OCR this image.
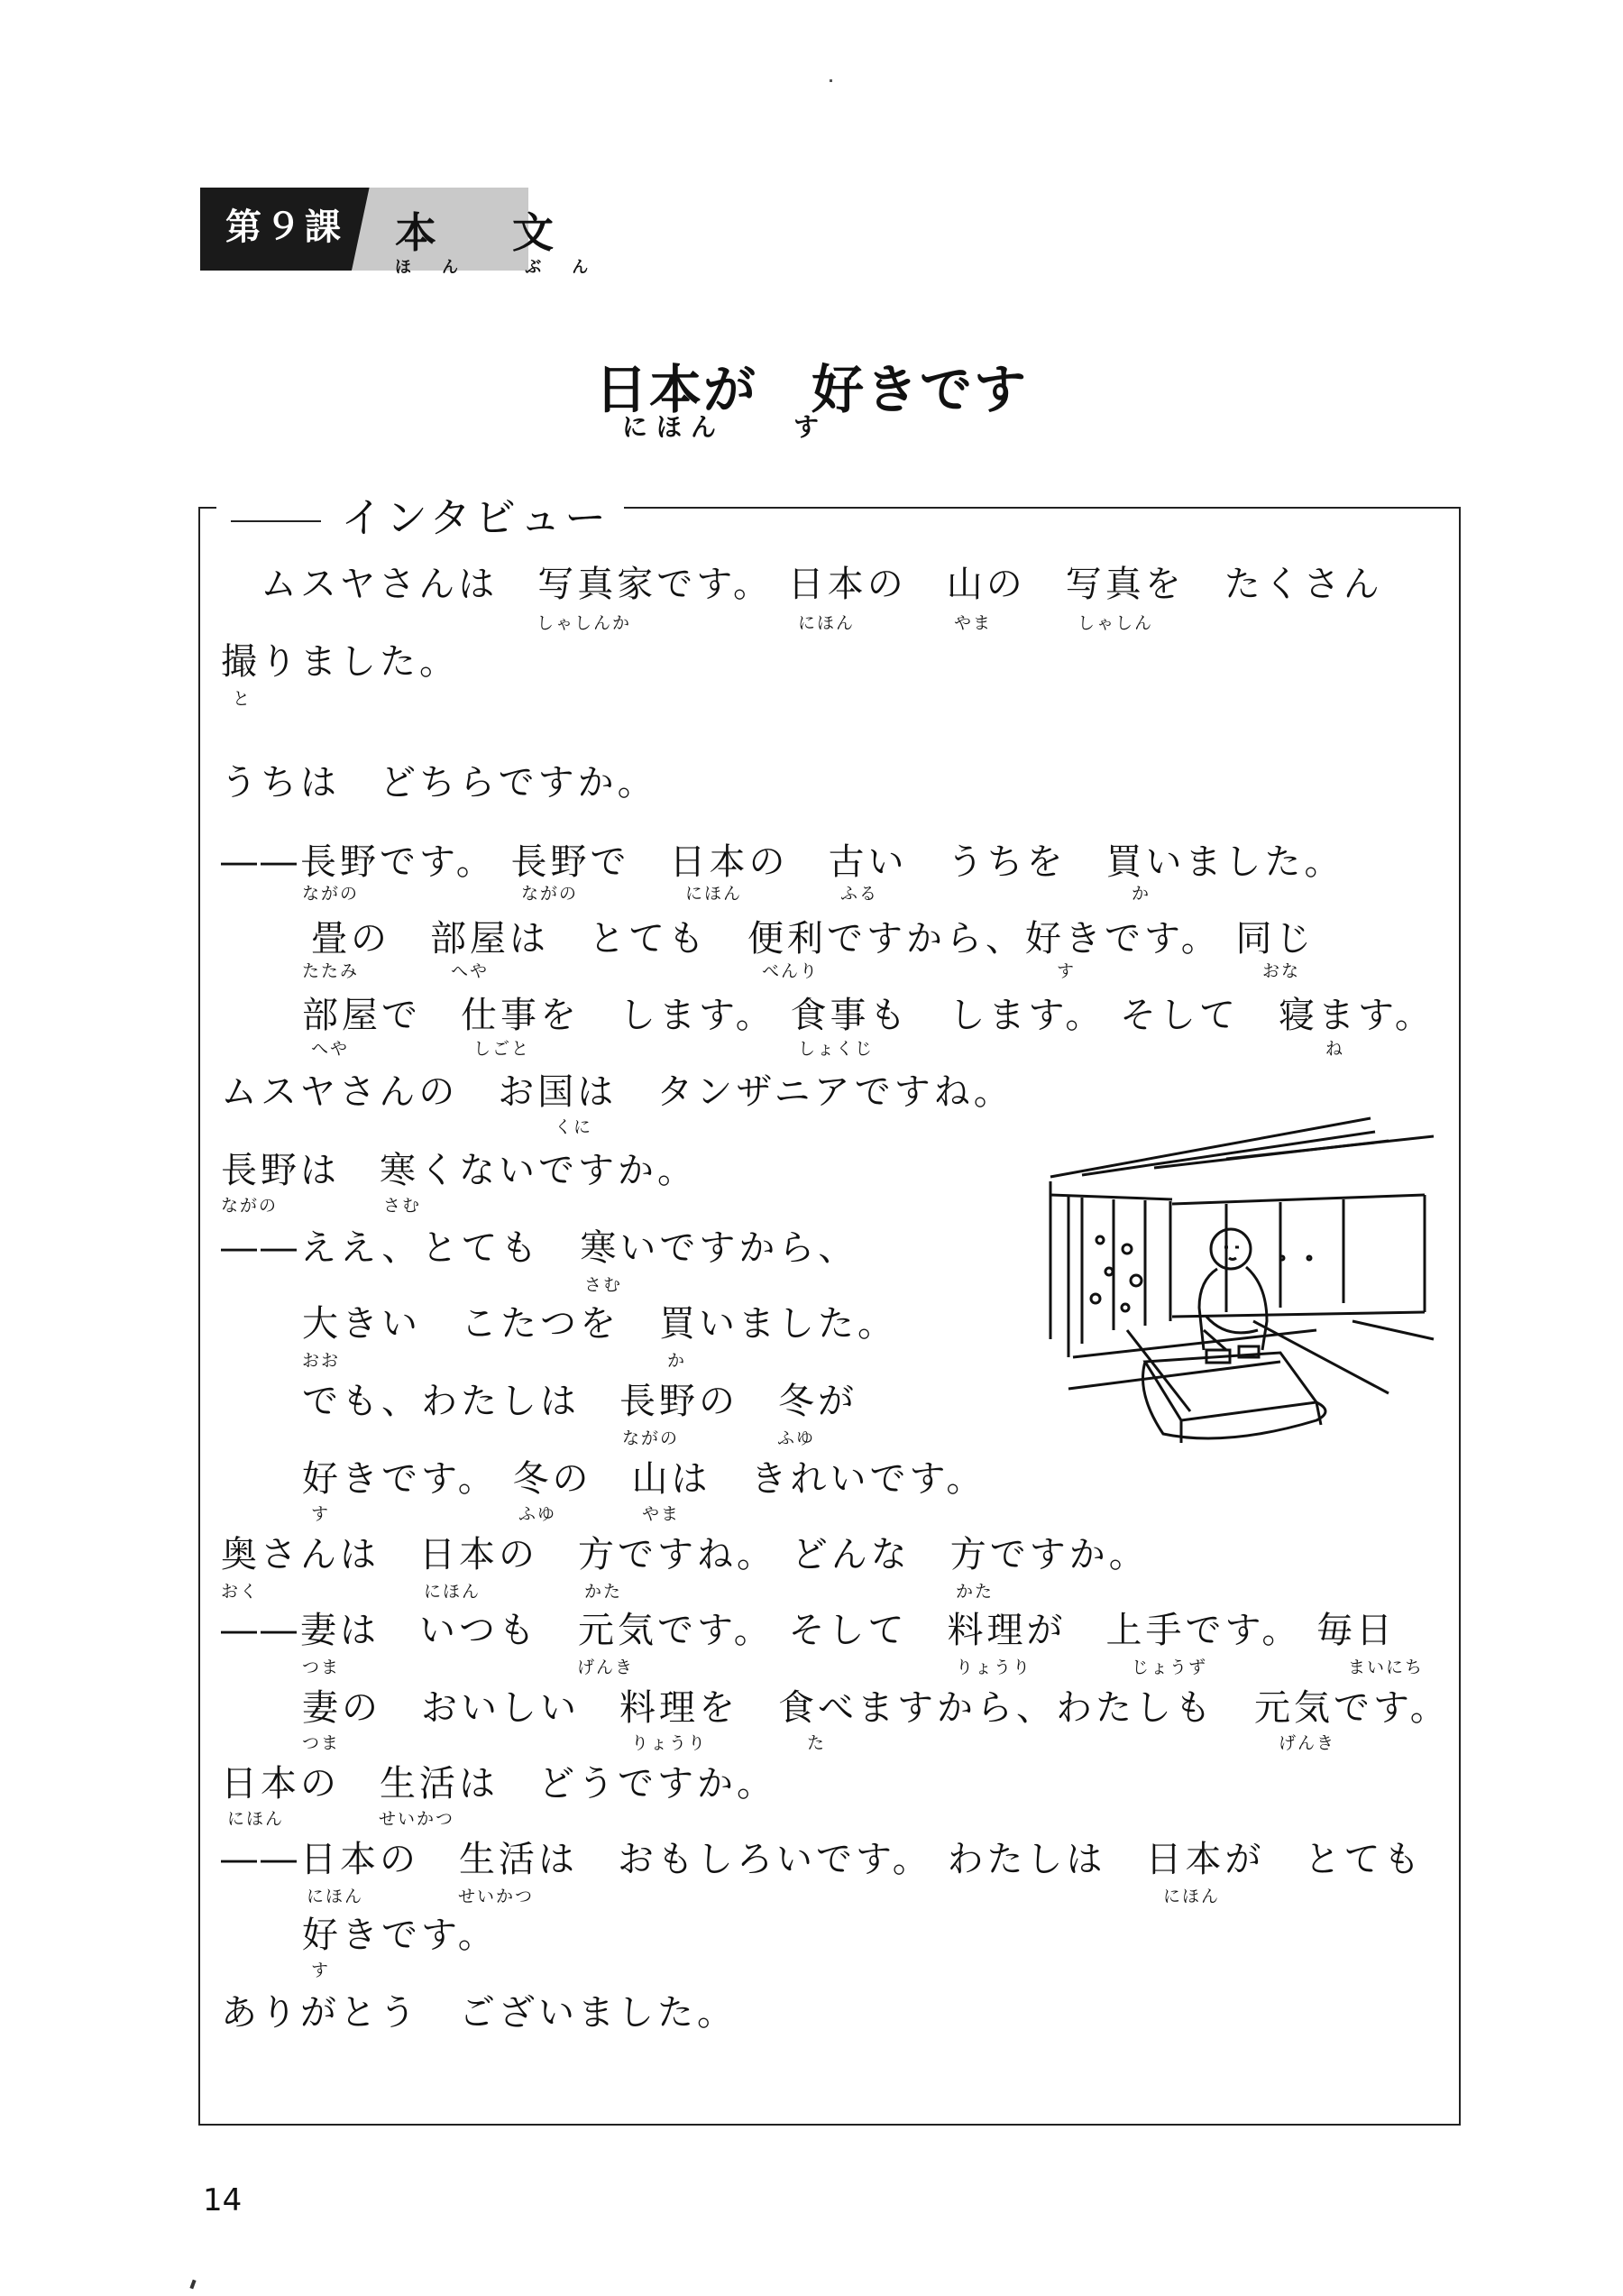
第９課 本 文
ほん ぶん
日本が　好きです
にほん　　す
インタビュー
　ムスヤさんは　写真家です。 日本の　山の　写真を　たくさん
しゃしんか	にほん	やま	しゃしん
撮りました。
と
うちは　どちらですか。
――長野です。 長野で　日本の　古い　うちを　買いました。
ながの	ながの	にほん	ふる	か
畳の　部屋は　とても　便利ですから、好きです。 同じ
たたみ	へや	べんり	す	おな
部屋で　仕事を　します。 食事も　します。 そして　寝ます。
へや	しごと	しょくじ	ね
ムスヤさんの　お国は　タンザニアですね。
くに
長野は　寒くないですか。
ながの	さむ
――ええ、とても　寒いですから、
さむ
大きい　こたつを　買いました。
おお	か
でも、わたしは　長野の　冬が
ながの	ふゆ
好きです。 冬の　山は　きれいです。
す	ふゆ	やま
奥さんは　日本の　方ですね。 どんな　方ですか。
おく	にほん	かた	かた
――妻は　いつも　元気です。 そして　料理が　上手です。 毎日
つま	げんき	りょうり	じょうず	まいにち
妻の　おいしい　料理を　食べますから、わたしも　元気です。
つま	りょうり	た	げんき
日本の　生活は　どうですか。
にほん	せいかつ
――日本の　生活は　おもしろいです。 わたしは　日本が　とても
にほん	せいかつ	にほん
好きです。
す
ありがとう　ございました。
14
